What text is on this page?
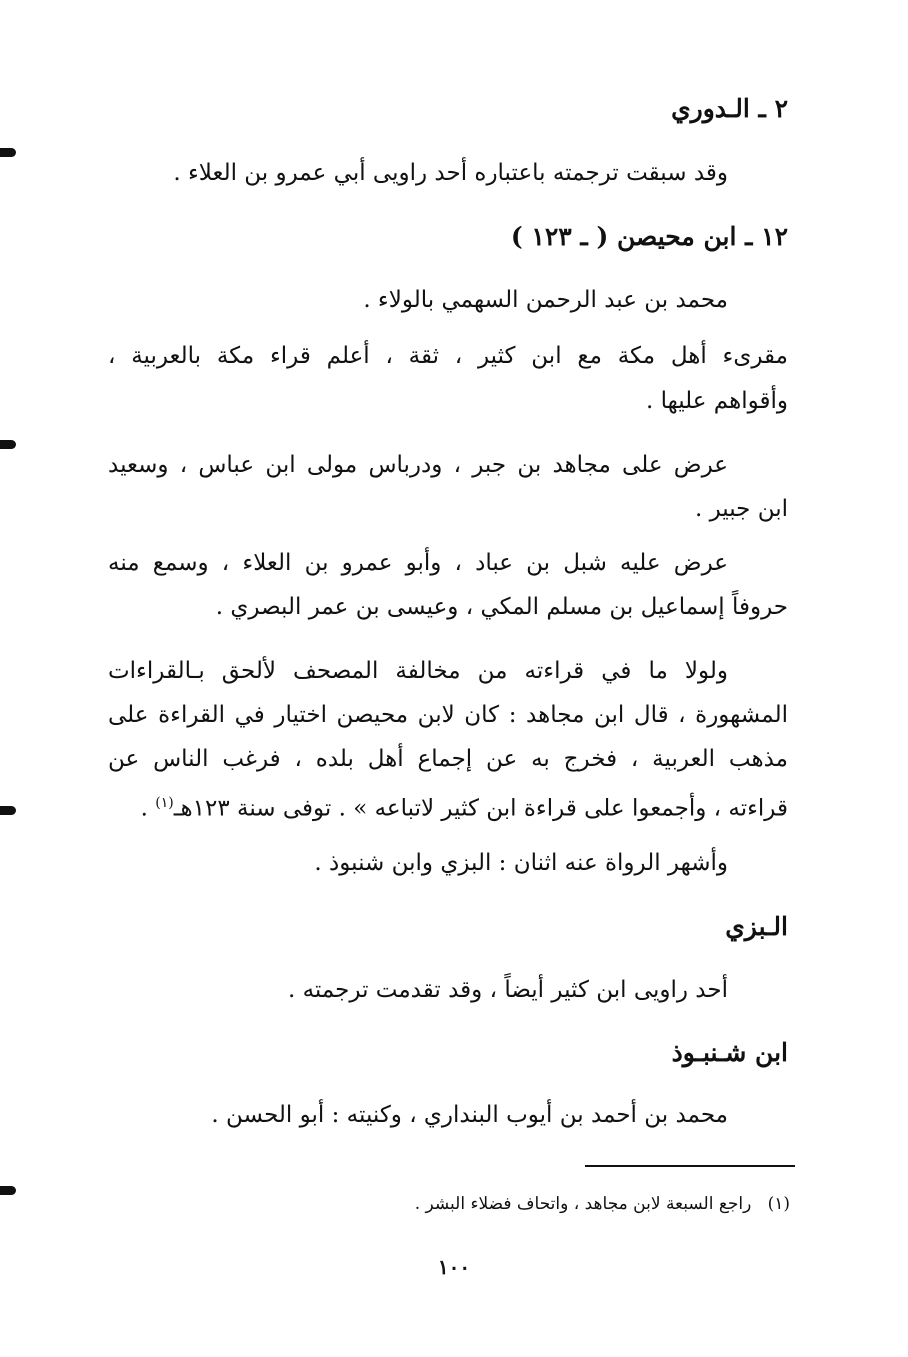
٢ ـ الـدوري
وقد سبقت ترجمته باعتباره أحد راويى أبي عمرو بن العلاء .
١٢ ـ ابن محيصن ( ـ ١٢٣ )
محمد بن عبد الرحمن السهمي بالولاء .
مقرىء أهل مكة مع ابن كثير ، ثقة ، أعلم قراء مكة بالعربية ،
وأقواهم عليها .
عرض على مجاهد بن جبر ، ودرباس مولى ابن عباس ، وسعيد
ابن جبير .
عرض عليه شبل بن عباد ، وأبو عمرو بن العلاء ، وسمع منه
حروفاً إسماعيل بن مسلم المكي ، وعيسى بن عمر البصري .
ولولا ما في قراءته من مخالفة المصحف لألحق بـالقراءات
المشهورة ، قال ابن مجاهد : كان لابن محيصن اختيار في القراءة على
مذهب العربية ، فخرج به عن إجماع أهل بلده ، فرغب الناس عن
قراءته ، وأجمعوا على قراءة ابن كثير لاتباعه » . توفى سنة ١٢٣هـ$^{(١)}$ .
وأشهر الرواة عنه اثنان : البزي وابن شنبوذ .
الـبزي
أحد راويى ابن كثير أيضاً ، وقد تقدمت ترجمته .
ابن شـنبـوذ
محمد بن أحمد بن أيوب البنداري ، وكنيته : أبو الحسن .
(١)   راجع السبعة لابن مجاهد ، واتحاف فضلاء البشر .
١٠٠
